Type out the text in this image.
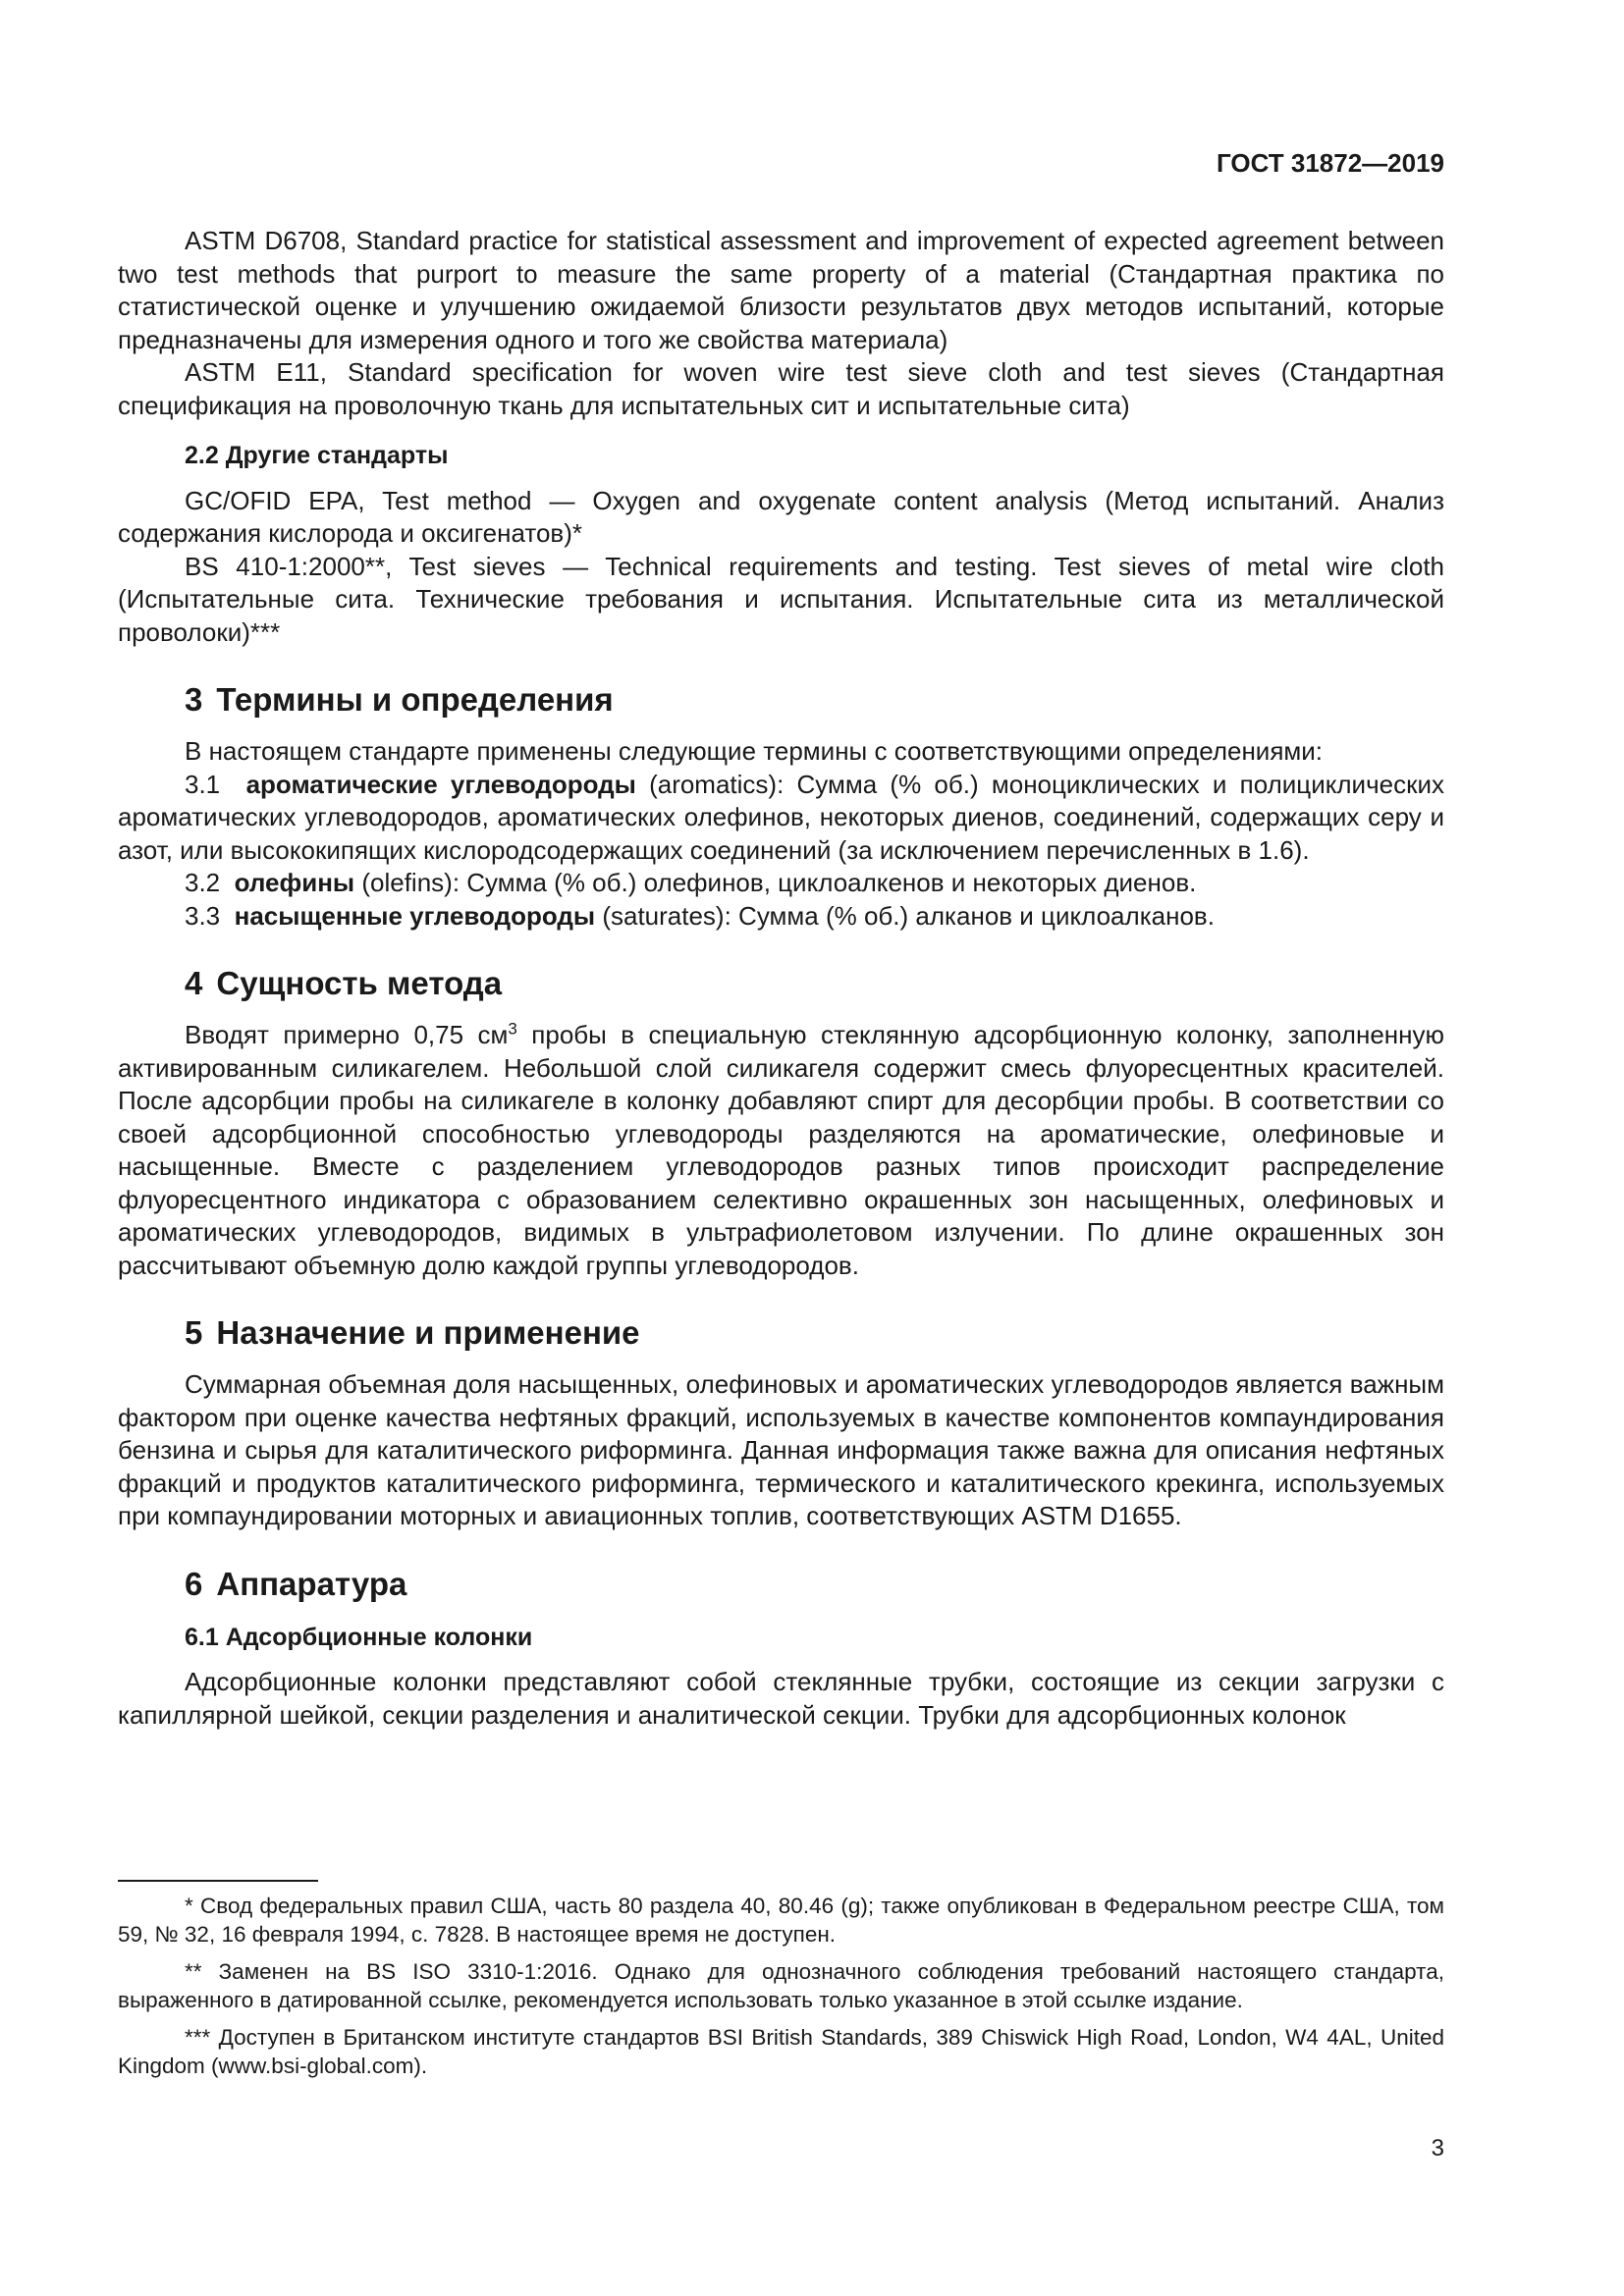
ГОСТ 31872—2019

ASTM D6708, Standard practice for statistical assessment and improvement of expected agreement between two test methods that purport to measure the same property of a material (Стандартная практика по статистической оценке и улучшению ожидаемой близости результатов двух методов испытаний, которые предназначены для измерения одного и того же свойства материала)

ASTM E11, Standard specification for woven wire test sieve cloth and test sieves (Стандартная спецификация на проволочную ткань для испытательных сит и испытательные сита)

2.2 Другие стандарты

GC/OFID EPA, Test method — Oxygen and oxygenate content analysis (Метод испытаний. Анализ содержания кислорода и оксигенатов)*

BS 410-1:2000**, Test sieves — Technical requirements and testing. Test sieves of metal wire cloth (Испытательные сита. Технические требования и испытания. Испытательные сита из металлической проволоки)***

3 Термины и определения

В настоящем стандарте применены следующие термины с соответствующими определениями:

3.1 ароматические углеводороды (aromatics): Сумма (% об.) моноциклических и полициклических ароматических углеводородов, ароматических олефинов, некоторых диенов, соединений, содержащих серу и азот, или высококипящих кислородсодержащих соединений (за исключением перечисленных в 1.6).

3.2 олефины (olefins): Сумма (% об.) олефинов, циклоалкенов и некоторых диенов.

3.3 насыщенные углеводороды (saturates): Сумма (% об.) алканов и циклоалканов.

4 Сущность метода

Вводят примерно 0,75 $см^3$ пробы в специальную стеклянную адсорбционную колонку, заполненную активированным силикагелем. Небольшой слой силикагеля содержит смесь флуоресцентных красителей. После адсорбции пробы на силикагеле в колонку добавляют спирт для десорбции пробы. В соответствии со своей адсорбционной способностью углеводороды разделяются на ароматические, олефиновые и насыщенные. Вместе с разделением углеводородов разных типов происходит распределение флуоресцентного индикатора с образованием селективно окрашенных зон насыщенных, олефиновых и ароматических углеводородов, видимых в ультрафиолетовом излучении. По длине окрашенных зон рассчитывают объемную долю каждой группы углеводородов.

5 Назначение и применение

Суммарная объемная доля насыщенных, олефиновых и ароматических углеводородов является важным фактором при оценке качества нефтяных фракций, используемых в качестве компонентов компаундирования бензина и сырья для каталитического риформинга. Данная информация также важна для описания нефтяных фракций и продуктов каталитического риформинга, термического и каталитического крекинга, используемых при компаундировании моторных и авиационных топлив, соответствующих ASTM D1655.

6 Аппаратура
6.1 Адсорбционные колонки

Адсорбционные колонки представляют собой стеклянные трубки, состоящие из секции загрузки с капиллярной шейкой, секции разделения и аналитической секции. Трубки для адсорбционных колонок

* Свод федеральных правил США, часть 80 раздела 40, 80.46 (g); также опубликован в Федеральном реестре США, том 59, № 32, 16 февраля 1994, с. 7828. В настоящее время не доступен.

** Заменен на BS ISO 3310-1:2016. Однако для однозначного соблюдения требований настоящего стандарта, выраженного в датированной ссылке, рекомендуется использовать только указанное в этой ссылке издание.

*** Доступен в Британском институте стандартов BSI British Standards, 389 Chiswick High Road, London, W4 4AL, United Kingdom (www.bsi-global.com).

3
